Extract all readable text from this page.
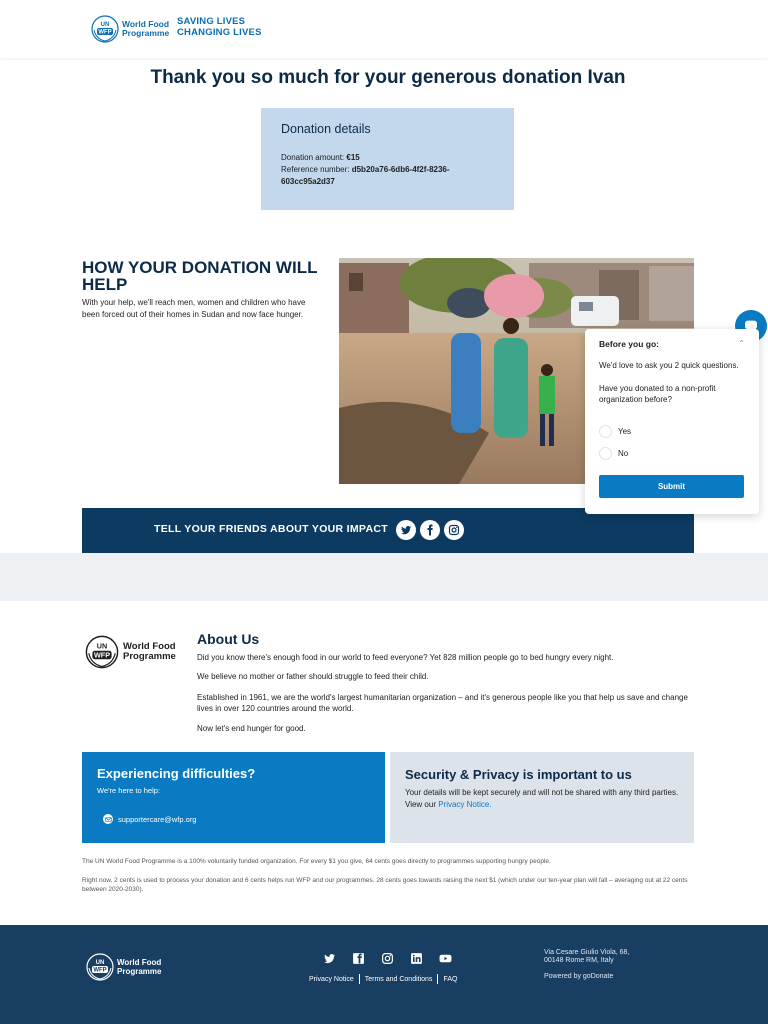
UN
WFP
World Food
Programme
SAVING LIVES
CHANGING LIVES
Thank you so much for your generous donation Ivan
Donation details

Donation amount: €15

Reference number: d5b20a76-6db6-4f2f-8236-603cc95a2d37

HOW YOUR DONATION WILL HELP

With your help, we'll reach men, women and children who have been forced out of their homes in Sudan and now face hunger.

TELL YOUR FRIENDS ABOUT YOUR IMPACT
UN
WFP
World Food
Programme
About Us

Did you know there's enough food in our world to feed everyone? Yet 828 million people go to bed hungry every night.

We believe no mother or father should struggle to feed their child.

Established in 1961, we are the world's largest humanitarian organization – and it's generous people like you that help us save and change lives in over 120 countries around the world.

Now let's end hunger for good.

Experiencing difficulties?
We're here to help:
supportercare@wfp.org
Security & Privacy is important to us

Your details will be kept securely and will not be shared with any third parties. View our Privacy Notice.

The UN World Food Programme is a 100% voluntarily funded organization. For every $1 you give, 64 cents goes directly to programmes supporting hungry people.

Right now, 2 cents is used to process your donation and 6 cents helps run WFP and our programmes. 28 cents goes towards raising the next $1 (which under our ten-year plan will fall – averaging out at 22 cents between 2020-2030).

UN
WFP
World Food
Programme
Privacy Notice Terms and Conditions FAQ
Via Cesare Giulio Viola, 68,
00148 Rome RM, Italy
Powered by goDonate
Before you go:	⌃

We'd love to ask you 2 quick questions.

Have you donated to a non-profit organization before?

Yes
No
Submit
